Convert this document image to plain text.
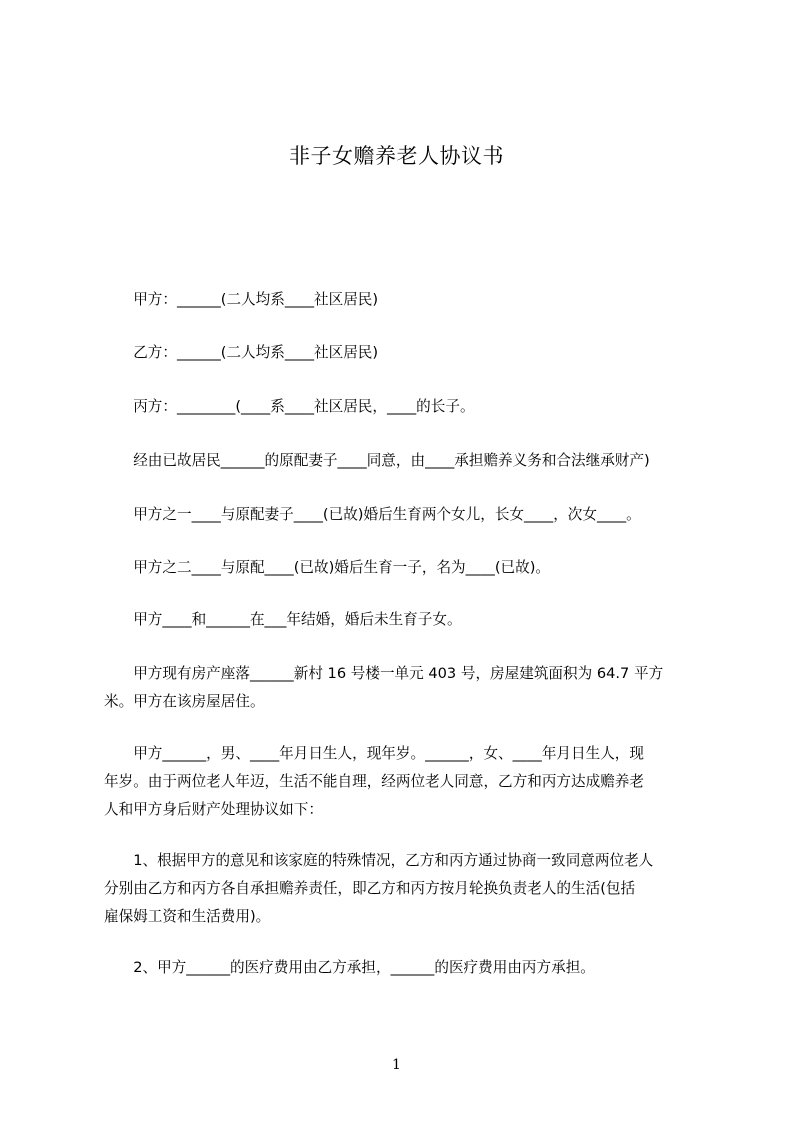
非子女赡养老人协议书
　　甲方：______(二人均系____社区居民)
　　乙方：______(二人均系____社区居民)
　　丙方：________(____系____社区居民，____的长子。
　　经由已故居民______的原配妻子____同意，由____承担赡养义务和合法继承财产)
　　甲方之一____与原配妻子____(已故)婚后生育两个女儿，长女____，次女____。
　　甲方之二____与原配____(已故)婚后生育一子，名为____(已故)。
　　甲方____和______在___年结婚，婚后未生育子女。
　　甲方现有房产座落______新村 16 号楼一单元 403 号，房屋建筑面积为 64.7 平方
米。甲方在该房屋居住。
　　甲方______，男、____年月日生人，现年岁。______，女、____年月日生人，现
年岁。由于两位老人年迈，生活不能自理，经两位老人同意，乙方和丙方达成赡养老
人和甲方身后财产处理协议如下：
　　1、根据甲方的意见和该家庭的特殊情况，乙方和丙方通过协商一致同意两位老人
分别由乙方和丙方各自承担赡养责任，即乙方和丙方按月轮换负责老人的生活(包括
雇保姆工资和生活费用)。
　　2、甲方______的医疗费用由乙方承担，______的医疗费用由丙方承担。
1
